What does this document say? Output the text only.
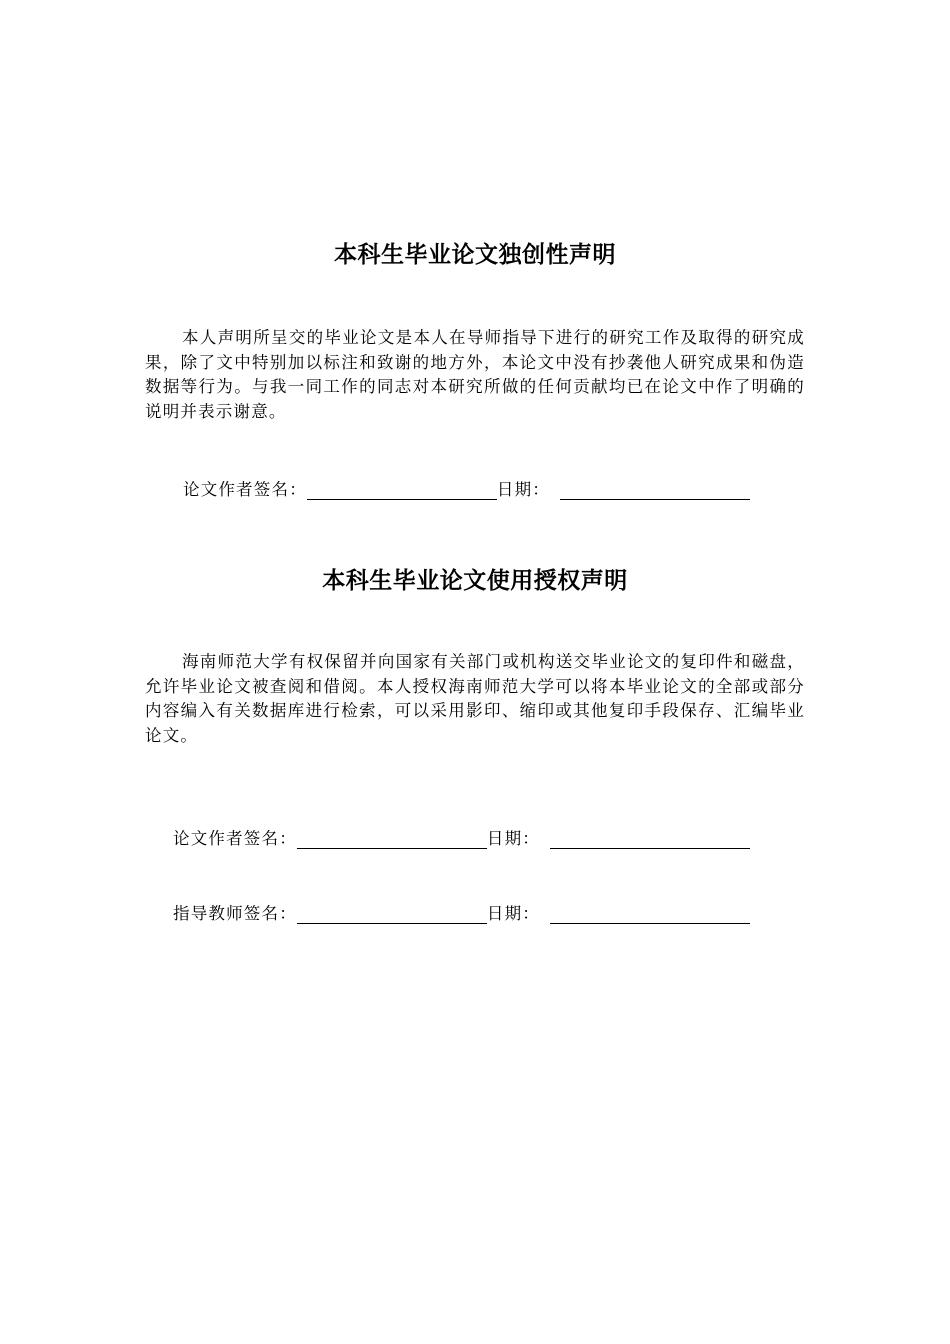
本科生毕业论文独创性声明
本人声明所呈交的毕业论文是本人在导师指导下进行的研究工作及取得的研究成果，除了文中特别加以标注和致谢的地方外，本论文中没有抄袭他人研究成果和伪造数据等行为。与我一同工作的同志对本研究所做的任何贡献均已在论文中作了明确的说明并表示谢意。
论文作者签名：	日期：
本科生毕业论文使用授权声明
海南师范大学有权保留并向国家有关部门或机构送交毕业论文的复印件和磁盘，允许毕业论文被查阅和借阅。本人授权海南师范大学可以将本毕业论文的全部或部分内容编入有关数据库进行检索，可以采用影印、缩印或其他复印手段保存、汇编毕业论文。
论文作者签名：	日期：
指导教师签名：	日期：
